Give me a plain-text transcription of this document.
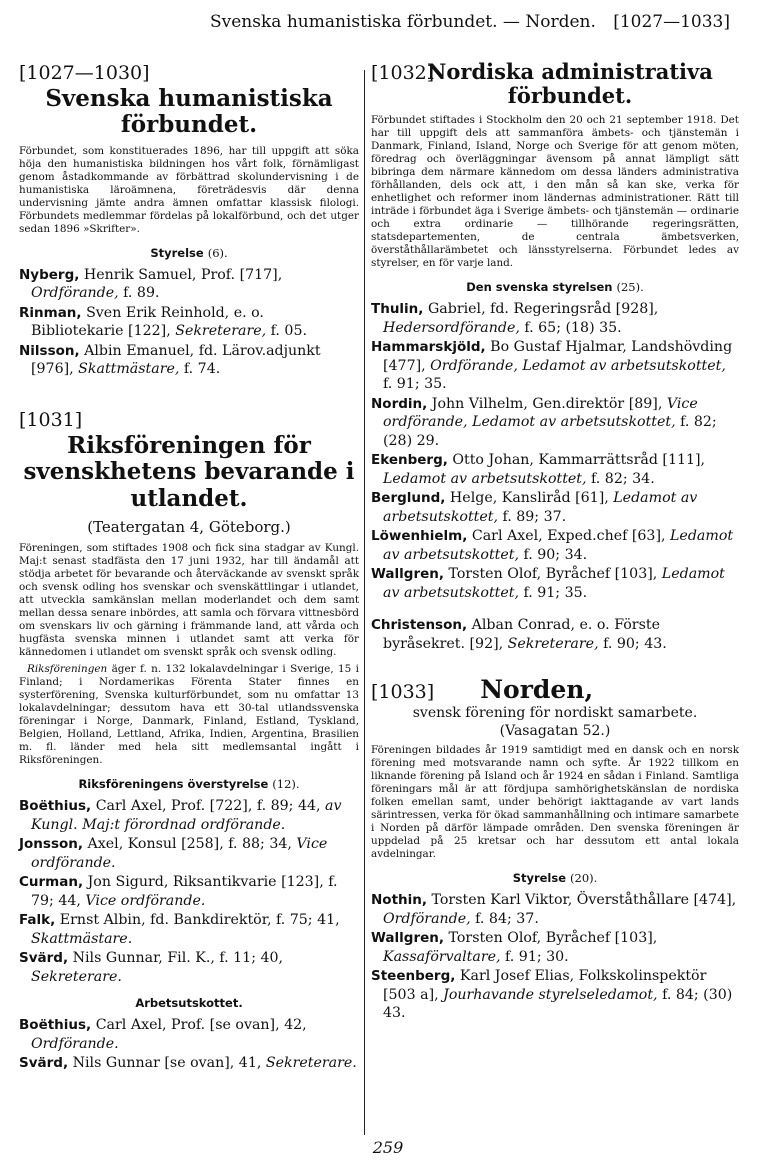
Svenska humanistiska förbundet. — Norden. [1027—1033]
[1027—1030]
Svenska humanistiska förbundet.

Förbundet, som konstituerades 1896, har till uppgift att söka höja den humanistiska bildningen hos vårt folk, förnämligast genom åstadkommande av förbättrad skolundervisning i de humanistiska läroämnena, företrädesvis där denna undervisning jämte andra ämnen omfattar klassisk filologi. Förbundets medlemmar fördelas på lokalförbund, och det utger sedan 1896 »Skrifter».

Styrelse (6).
Nyberg, Henrik Samuel, Prof. [717], Ordförande, f. 89.
Rinman, Sven Erik Reinhold, e. o. Bibliotekarie [122], Sekreterare, f. 05.
Nilsson, Albin Emanuel, fd. Lärov.adjunkt [976], Skattmästare, f. 74.
[1031]
Riksföreningen för svenskhetens bevarande i utlandet.
(Teatergatan 4, Göteborg.)

Föreningen, som stiftades 1908 och fick sina stadgar av Kungl. Maj:t senast stadfästa den 17 juni 1932, har till ändamål att stödja arbetet för bevarande och återväckande av svenskt språk och svensk odling hos svenskar och svenskättlingar i utlandet, att utveckla samkänslan mellan moderlandet och dem samt mellan dessa senare inbördes, att samla och förvara vittnesbörd om svenskars liv och gärning i främmande land, att vårda och hugfästa svenska minnen i utlandet samt att verka för kännedomen i utlandet om svenskt språk och svensk odling.

Riksföreningen äger f. n. 132 lokalavdelningar i Sverige, 15 i Finland; i Nordamerikas Förenta Stater finnes en systerförening, Svenska kulturförbundet, som nu omfattar 13 lokalavdelningar; dessutom hava ett 30-tal utlandssvenska föreningar i Norge, Danmark, Finland, Estland, Tyskland, Belgien, Holland, Lettland, Afrika, Indien, Argentina, Brasilien m. fl. länder med hela sitt medlemsantal ingått i Riksföreningen.

Riksföreningens överstyrelse (12).
Boëthius, Carl Axel, Prof. [722], f. 89; 44, av Kungl. Maj:t förordnad ordförande.
Jonsson, Axel, Konsul [258], f. 88; 34, Vice ordförande.
Curman, Jon Sigurd, Riksantikvarie [123], f. 79; 44, Vice ordförande.
Falk, Ernst Albin, fd. Bankdirektör, f. 75; 41, Skattmästare.
Svärd, Nils Gunnar, Fil. K., f. 11; 40, Sekreterare.
Arbetsutskottet.
Boëthius, Carl Axel, Prof. [se ovan], 42, Ordförande.
Svärd, Nils Gunnar [se ovan], 41, Sekreterare.
[1032]
Nordiska administrativa förbundet.

Förbundet stiftades i Stockholm den 20 och 21 september 1918. Det har till uppgift dels att sammanföra ämbets- och tjänstemän i Danmark, Finland, Island, Norge och Sverige för att genom möten, föredrag och överläggningar ävensom på annat lämpligt sätt bibringa dem närmare kännedom om dessa länders administrativa förhållanden, dels ock att, i den mån så kan ske, verka för enhetlighet och reformer inom ländernas administrationer. Rätt till inträde i förbundet äga i Sverige ämbets- och tjänstemän — ordinarie och extra ordinarie — tillhörande regeringsrätten, statsdepartementen, de centrala ämbetsverken, överståthållarämbetet och länsstyrelserna. Förbundet ledes av styrelser, en för varje land.

Den svenska styrelsen (25).
Thulin, Gabriel, fd. Regeringsråd [928], Hedersordförande, f. 65; (18) 35.
Hammarskjöld, Bo Gustaf Hjalmar, Landshövding [477], Ordförande, Ledamot av arbetsutskottet, f. 91; 35.
Nordin, John Vilhelm, Gen.direktör [89], Vice ordförande, Ledamot av arbetsutskottet, f. 82; (28) 29.
Ekenberg, Otto Johan, Kammarrättsråd [111], Ledamot av arbetsutskottet, f. 82; 34.
Berglund, Helge, Kansliråd [61], Ledamot av arbetsutskottet, f. 89; 37.
Löwenhielm, Carl Axel, Exped.chef [63], Ledamot av arbetsutskottet, f. 90; 34.
Wallgren, Torsten Olof, Byråchef [103], Ledamot av arbetsutskottet, f. 91; 35.
Christenson, Alban Conrad, e. o. Förste byråsekret. [92], Sekreterare, f. 90; 43.
[1033] Norden,
svensk förening för nordiskt samarbete.
(Vasagatan 52.)

Föreningen bildades år 1919 samtidigt med en dansk och en norsk förening med motsvarande namn och syfte. År 1922 tillkom en liknande förening på Island och år 1924 en sådan i Finland. Samtliga föreningars mål är att fördjupa samhörighetskänslan de nordiska folken emellan samt, under behörigt iakttagande av vart lands särintressen, verka för ökad sammanhållning och intimare samarbete i Norden på därför lämpade områden. Den svenska föreningen är uppdelad på 25 kretsar och har dessutom ett antal lokala avdelningar.

Styrelse (20).
Nothin, Torsten Karl Viktor, Överståthållare [474], Ordförande, f. 84; 37.
Wallgren, Torsten Olof, Byråchef [103], Kassaförvaltare, f. 91; 30.
Steenberg, Karl Josef Elias, Folkskolinspektör [503 a], Jourhavande styrelseledamot, f. 84; (30) 43.
259
